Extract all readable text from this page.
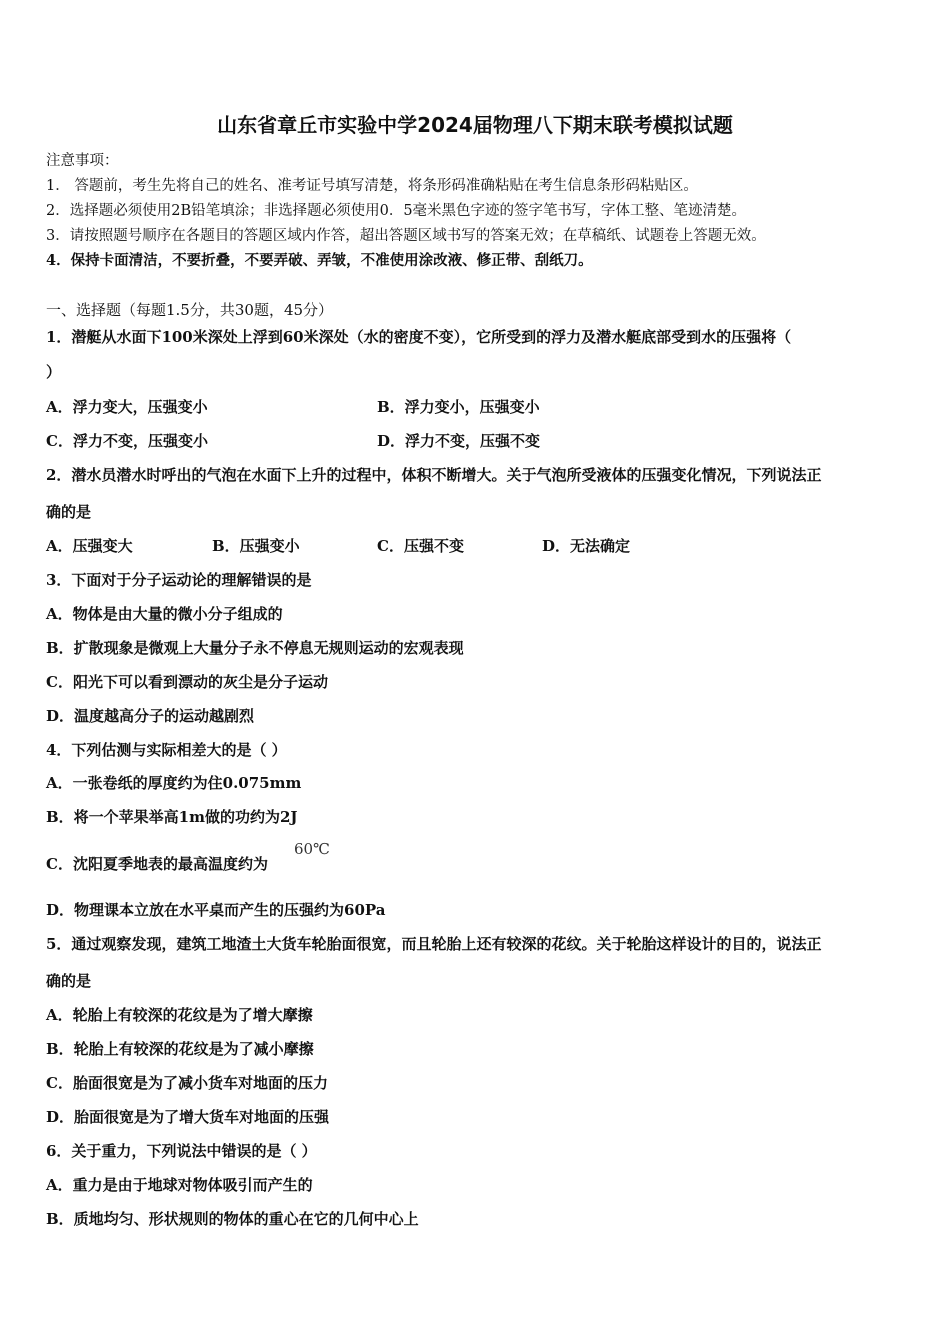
山东省章丘市实验中学2024届物理八下期末联考模拟试题
注意事项：
1． 答题前，考生先将自己的姓名、准考证号填写清楚，将条形码准确粘贴在考生信息条形码粘贴区。
2．选择题必须使用2B铅笔填涂；非选择题必须使用0．5毫米黑色字迹的签字笔书写，字体工整、笔迹清楚。
3．请按照题号顺序在各题目的答题区域内作答，超出答题区域书写的答案无效；在草稿纸、试题卷上答题无效。
4．保持卡面清洁，不要折叠，不要弄破、弄皱，不准使用涂改液、修正带、刮纸刀。
一、选择题（每题1.5分，共30题，45分）
1．潜艇从水面下100米深处上浮到60米深处（水的密度不变），它所受到的浮力及潜水艇底部受到水的压强将（
）
A．浮力变大，压强变小	B．浮力变小，压强变小
C．浮力不变，压强变小	D．浮力不变，压强不变
2．潜水员潜水时呼出的气泡在水面下上升的过程中，体积不断增大。关于气泡所受液体的压强变化情况，下列说法正
确的是
A．压强变大	B．压强变小	C．压强不变	D．无法确定
3．下面对于分子运动论的理解错误的是
A．物体是由大量的微小分子组成的
B．扩散现象是微观上大量分子永不停息无规则运动的宏观表现
C．阳光下可以看到漂动的灰尘是分子运动
D．温度越高分子的运动越剧烈
4．下列估测与实际相差大的是（ ）
A．一张卷纸的厚度约为住0.075mm
B．将一个苹果举高1m做的功约为2J
C．沈阳夏季地表的最高温度约为
60℃
D．物理课本立放在水平桌而产生的压强约为60Pa
5．通过观察发现，建筑工地渣土大货车轮胎面很宽，而且轮胎上还有较深的花纹。关于轮胎这样设计的目的，说法正
确的是
A．轮胎上有较深的花纹是为了增大摩擦
B．轮胎上有较深的花纹是为了减小摩擦
C．胎面很宽是为了减小货车对地面的压力
D．胎面很宽是为了增大货车对地面的压强
6．关于重力，下列说法中错误的是（ ）
A．重力是由于地球对物体吸引而产生的
B．质地均匀、形状规则的物体的重心在它的几何中心上
